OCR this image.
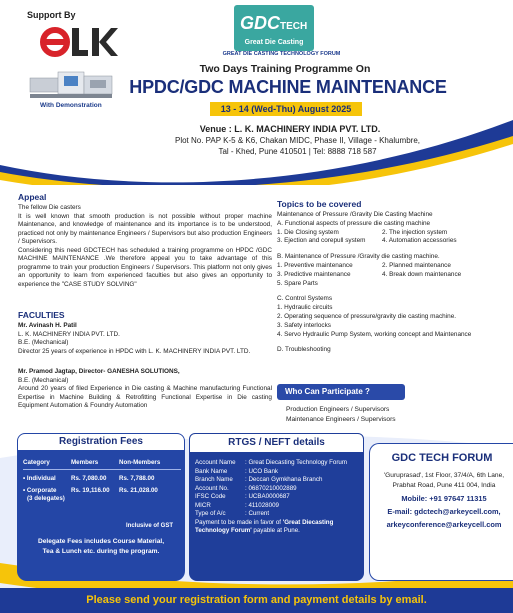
Support By
With Demonstration
GDC TECH
Great Die Casting
GREAT DIE CASTING TECHNOLOGY FORUM
Two Days Training Programme On
HPDC/GDC MACHINE MAINTENANCE
13 - 14 (Wed-Thu) August 2025
Venue : L. K. MACHINERY INDIA PVT. LTD.
Plot No. PAP K-5 & K6, Chakan MIDC, Phase II, Village - Khalumbre,
Tal - Khed, Pune 410501 | Tel: 8888 718 587
Appeal

The fellow Die casters

It is well known that smooth production is not possible without proper machine Maintenance, and knowledge of maintenance and its importance is to be understood, practiced not only by maintenance Engineers / Supervisors but also production Engineers / Supervisors.

Considering this need GDCTECH has scheduled a training programme on HPDC /GDC MACHINE MAINTENANCE .We therefore appeal you to take advantage of this programme to train your production Engineers / Supervisors. This platform not only gives an opportunity to learn from experienced faculties but also gives an opportunity to experience the "CASE STUDY SOLVING"

FACULTIES

Mr. Avinash H. Patil

L. K. MACHINERY INDIA PVT. LTD.

B.E. (Mechanical)

Director 25 years of experience in HPDC with L. K. MACHINERY INDIA PVT. LTD.

Mr. Pramod Jagtap, Director- GANESHA SOLUTIONS,

B.E. (Mechanical)

Around 20 years of filed Experience in Die casting & Machine manufacturing Functional Expertise in Machine Building & Retrofitting Functional Expertise in Die casting Equipment Automation & Foundry Automation

Topics to be covered
Maintenance of Pressure /Gravity Die Casting Machine
A. Functional aspects of pressure die casting machine
1. Die Closing system	2. The injection system
3. Ejection and corepull system	4. Automation accessories
B. Maintenance of Pressure /Gravity die casting machine.
1. Preventive maintenance	2. Planned maintenance
3. Predictive maintenance	4. Break down maintenance
5. Spare Parts
C. Control Systems
1. Hydraulic circuits
2. Operating sequence of pressure/gravity die casting machine.
3. Safety interlocks
4. Servo Hydraulic Pump System, working concept and Maintenance
D. Troubleshooting
Who Can Participate ?
Production Engineers / Supervisors
Maintenance Engineers / Supervisors
Registration Fees
Category	Members	Non-Members
• Individual	Rs. 7,080.00	Rs. 7,788.00
• Corporate	Rs. 19,116.00	Rs. 21,028.00
(3 delegates)
Inclusive of GST
Delegate Fees includes Course Material,
Tea & Lunch etc. during the program.
RTGS / NEFT details
Account Name	: Great Diecasting Technology Forum
Bank Name	: UCO Bank
Branch Name	: Deccan Gymkhana Branch
Account No.	: 06870210002889
IFSC Code	: UCBA0000687
MICR	: 411028009
Type of A/c	: Current
Payment to be made in favor of 'Great Diecasting Technology Forum' payable at Pune.
GDC TECH FORUM
'Guruprasad', 1st Floor, 37/4/A, 6th Lane,
Prabhat Road, Pune 411 004, India
Mobile: +91 97647 11315
E-mail: gdctech@arkeycell.com,
arkeyconference@arkeycell.com
Please send your registration form and payment details by email.
